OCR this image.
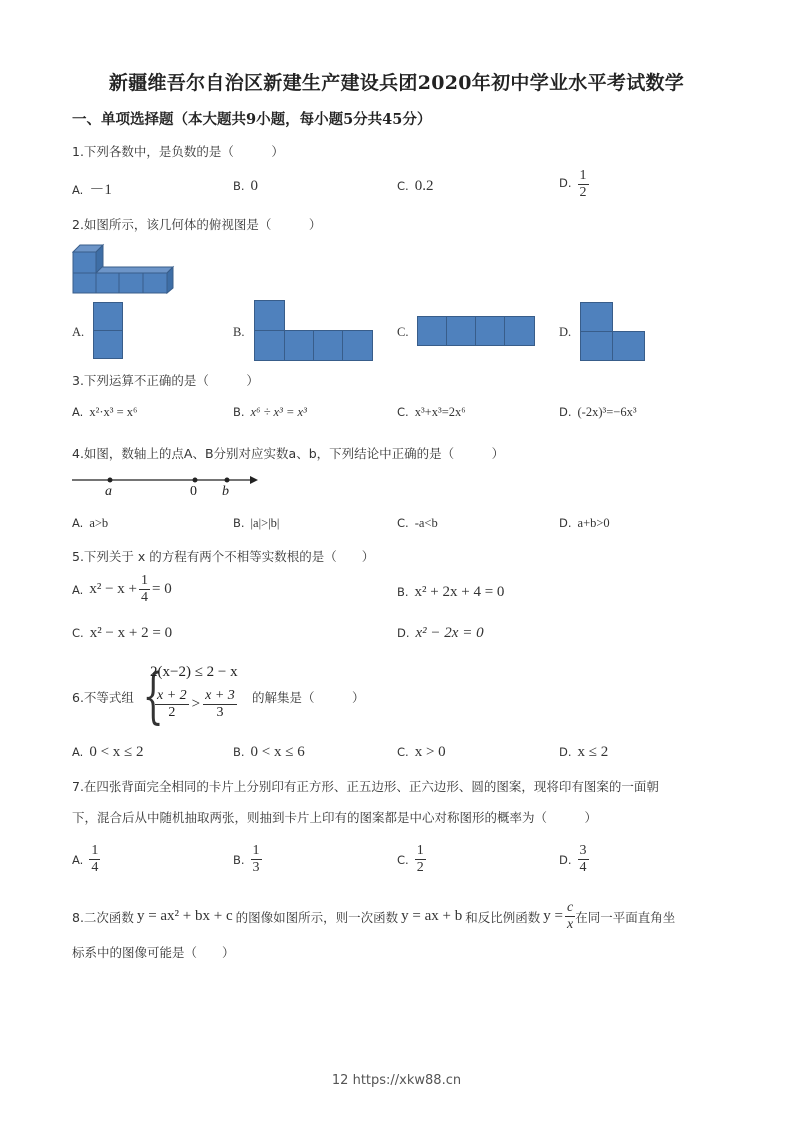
新疆维吾尔自治区新建生产建设兵团2020年初中学业水平考试数学
一、单项选择题（本大题共9小题，每小题5分共45分）
1.下列各数中，是负数的是（　　　）
A. －1	B. 0	C. 0.2	D. $\frac{1}{2}$
2.如图所示，该几何体的俯视图是（　　　）
A.	B.	C.	D.
3.下列运算不正确的是（　　　）
A. x²·x³ = x⁶	B. x⁶ ÷ x³ = x³	C. x³+x³=2x⁶	D. (-2x)³=−6x³
4.如图，数轴上的点A、B分别对应实数a、b，下列结论中正确的是（　　　）
a	0 b
A. a>b	B. |a|>|b|	C. -a<b	D. a+b>0
5.下列关于 x 的方程有两个不相等实数根的是（　　）
A. $x^2 - x + \frac{1}{4} = 0$	B. x² + 2x + 4 = 0
C. x² − x + 2 = 0	D. x² − 2x = 0
6.不等式组 {
2(x−2) ≤ 2 − x
$\frac{x + 2}{2} > \frac{x + 3}{3}$ 的解集是（　　　）
A. 0 < x ≤ 2	B. 0 < x ≤ 6	C. x > 0	D. x ≤ 2
7.在四张背面完全相同的卡片上分别印有正方形、正五边形、正六边形、圆的图案，现将印有图案的一面朝
下，混合后从中随机抽取两张，则抽到卡片上印有的图案都是中心对称图形的概率为（　　　）
A. $\frac{1}{4}$	B. $\frac{1}{3}$	C. $\frac{1}{2}$	D. $\frac{3}{4}$
8.二次函数 y = ax² + bx + c 的图像如图所示，则一次函数 y = ax + b 和反比例函数 $y = \frac{c}{x}$ 在同一平面直角坐
标系中的图像可能是（　　）
12 https://xkw88.cn
